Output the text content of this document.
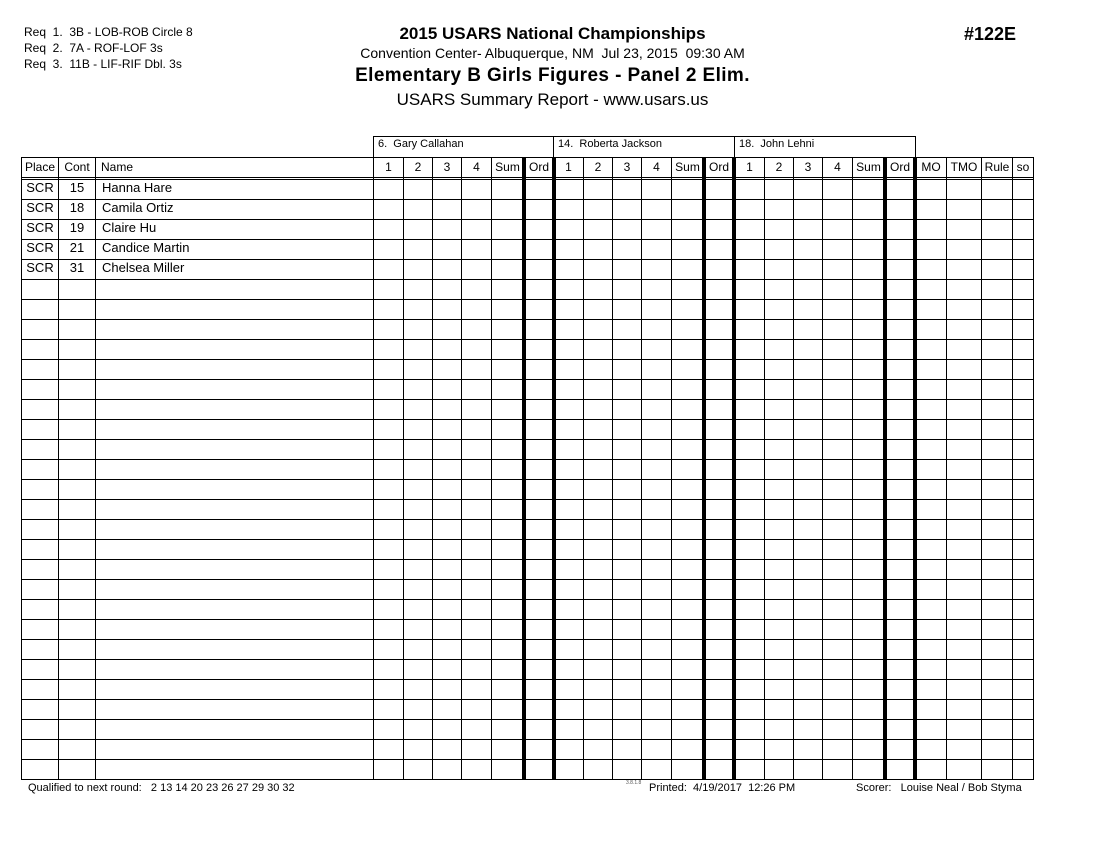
Req  1.  3B - LOB-ROB Circle 8
Req  2.  7A - ROF-LOF 3s
Req  3.  11B - LIF-RIF Dbl. 3s
2015 USARS National Championships
Convention Center- Albuquerque, NM  Jul 23, 2015  09:30 AM
Elementary B Girls Figures - Panel 2 Elim.
USARS Summary Report - www.usars.us
#122E
6.  Gary Callahan	14.  Roberta Jackson	18.  John Lehni
Place Cont Name	1	2	3	4	Sum Ord	1	2	3	4	Sum Ord	1	2	3	4	Sum Ord MO TMO Rule so
SCR	15	Hanna Hare
SCR	18	Camila Ortiz
SCR	19	Claire Hu
SCR	21	Candice Martin
SCR	31	Chelsea Miller
Qualified to next round:   2 13 14 20 23 26 27 29 30 32	3.8.1.8 Printed:  4/19/2017  12:26 PM	Scorer:   Louise Neal / Bob Styma
